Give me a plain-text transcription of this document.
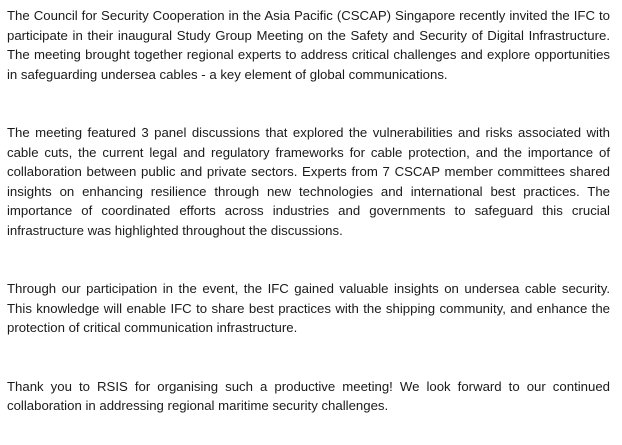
The Council for Security Cooperation in the Asia Pacific (CSCAP) Singapore recently invited the IFC to participate in their inaugural Study Group Meeting on the Safety and Security of Digital Infrastructure. The meeting brought together regional experts to address critical challenges and explore opportunities in safeguarding undersea cables - a key element of global communications.

The meeting featured 3 panel discussions that explored the vulnerabilities and risks associated with cable cuts, the current legal and regulatory frameworks for cable protection, and the importance of collaboration between public and private sectors. Experts from 7 CSCAP member committees shared insights on enhancing resilience through new technologies and international best practices. The importance of coordinated efforts across industries and governments to safeguard this crucial infrastructure was highlighted throughout the discussions.

Through our participation in the event, the IFC gained valuable insights on undersea cable security. This knowledge will enable IFC to share best practices with the shipping community, and enhance the protection of critical communication infrastructure.

Thank you to RSIS for organising such a productive meeting! We look forward to our continued collaboration in addressing regional maritime security challenges.
